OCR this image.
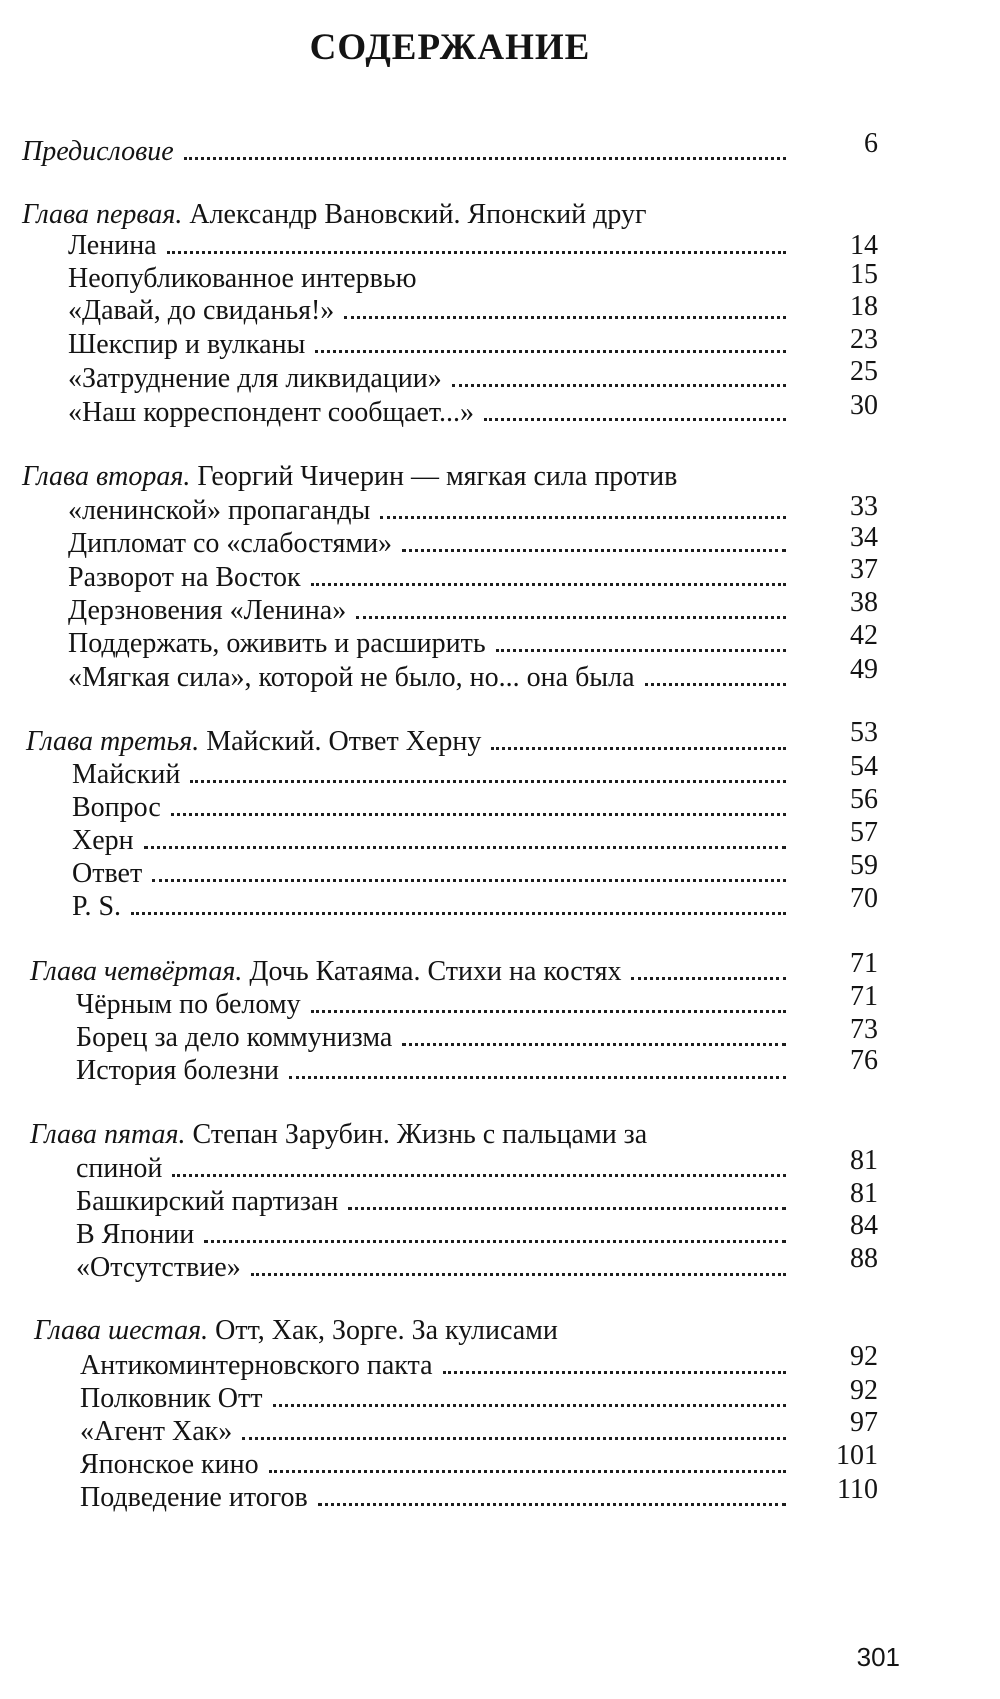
СОДЕРЖАНИЕ
Предисловие	6
Глава первая. Александр Вановский. Японский друг
Ленина	14
Неопубликованное интервью	15
«Давай, до свиданья!»	18
Шекспир и вулканы	23
«Затруднение для ликвидации»	25
«Наш корреспондент сообщает...»	30
Глава вторая. Георгий Чичерин — мягкая сила против
«ленинской» пропаганды	33
Дипломат со «слабостями»	34
Разворот на Восток	37
Дерзновения «Ленина»	38
Поддержать, оживить и расширить	42
«Мягкая сила», которой не было, но... она была	49
Глава третья. Майский. Ответ Херну	53
Майский	54
Вопрос	56
Херн	57
Ответ	59
P. S.	70
Глава четвёртая. Дочь Катаяма. Стихи на костях	71
Чёрным по белому	71
Борец за дело коммунизма	73
История болезни	76
Глава пятая. Степан Зарубин. Жизнь с пальцами за
спиной	81
Башкирский партизан	81
В Японии	84
«Отсутствие»	88
Глава шестая. Отт, Хак, Зорге. За кулисами
Антикоминтерновского пакта	92
Полковник Отт	92
«Агент Хак»	97
Японское кино	101
Подведение итогов	110
301
